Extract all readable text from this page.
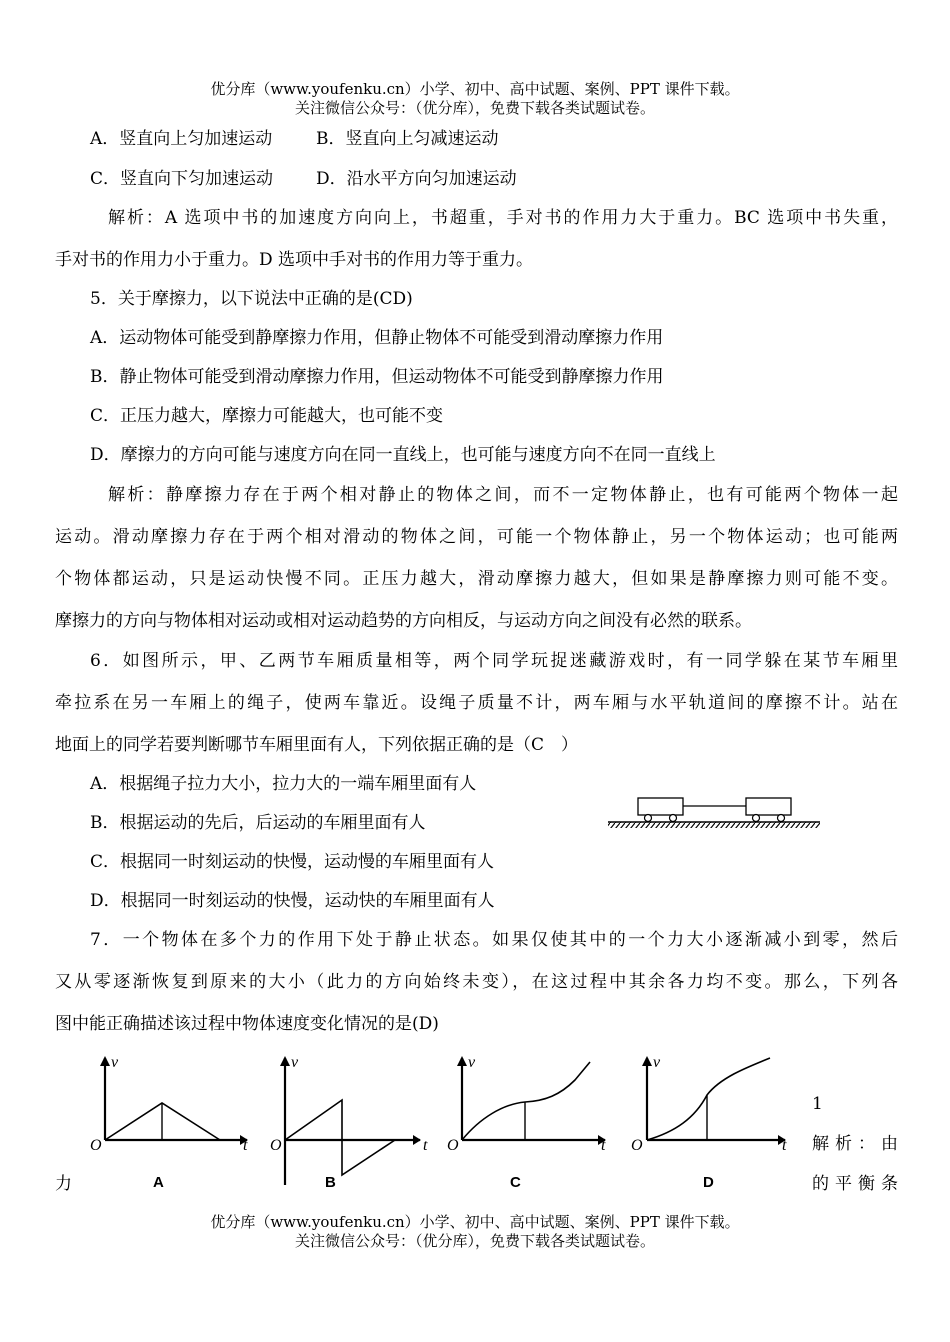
优分库（www.youfenku.cn）小学、初中、高中试题、案例、PPT 课件下载。
关注微信公众号：（优分库），免费下载各类试题试卷。
A．竖直向上匀加速运动	B．竖直向上匀减速运动
C．竖直向下匀加速运动	D．沿水平方向匀加速运动
解析：A 选项中书的加速度方向向上，书超重，手对书的作用力大于重力。BC 选项中书失重，
手对书的作用力小于重力。D 选项中手对书的作用力等于重力。
5．关于摩擦力，以下说法中正确的是(CD)
A．运动物体可能受到静摩擦力作用，但静止物体不可能受到滑动摩擦力作用
B．静止物体可能受到滑动摩擦力作用，但运动物体不可能受到静摩擦力作用
C．正压力越大，摩擦力可能越大，也可能不变
D．摩擦力的方向可能与速度方向在同一直线上，也可能与速度方向不在同一直线上
解析：静摩擦力存在于两个相对静止的物体之间，而不一定物体静止，也有可能两个物体一起
运动。滑动摩擦力存在于两个相对滑动的物体之间，可能一个物体静止，另一个物体运动；也可能两
个物体都运动，只是运动快慢不同。正压力越大，滑动摩擦力越大，但如果是静摩擦力则可能不变。
摩擦力的方向与物体相对运动或相对运动趋势的方向相反，与运动方向之间没有必然的联系。
6．如图所示，甲、乙两节车厢质量相等，两个同学玩捉迷藏游戏时，有一同学躲在某节车厢里
牵拉系在另一车厢上的绳子，使两车靠近。设绳子质量不计，两车厢与水平轨道间的摩擦不计。站在
地面上的同学若要判断哪节车厢里面有人，下列依据正确的是（C　）
A．根据绳子拉力大小，拉力大的一端车厢里面有人
B．根据运动的先后，后运动的车厢里面有人
C．根据同一时刻运动的快慢，运动慢的车厢里面有人
D．根据同一时刻运动的快慢，运动快的车厢里面有人
7．一个物体在多个力的作用下处于静止状态。如果仅使其中的一个力大小逐渐减小到零，然后
又从零逐渐恢复到原来的大小（此力的方向始终未变），在这过程中其余各力均不变。那么，下列各
图中能正确描述该过程中物体速度变化情况的是(D)
v
t
O
A
v
t
O
B
v
t
O
C
v
t
O
D
1
解析：由
力	的平衡条
优分库（www.youfenku.cn）小学、初中、高中试题、案例、PPT 课件下载。
关注微信公众号：（优分库），免费下载各类试题试卷。
